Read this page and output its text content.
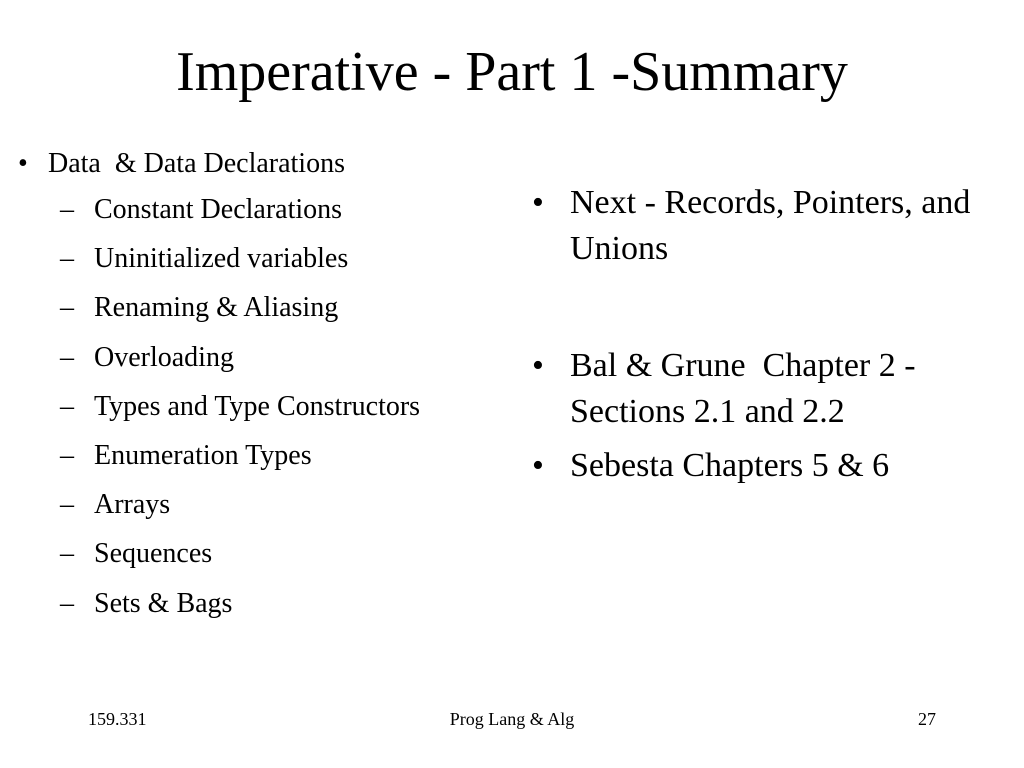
Imperative - Part 1 -Summary
• Data  & Data Declarations
– Constant Declarations
– Uninitialized variables
– Renaming & Aliasing
– Overloading
– Types and Type Constructors
– Enumeration Types
– Arrays
– Sequences
– Sets & Bags
• Next - Records, Pointers, and Unions
• Bal & Grune  Chapter 2 - Sections 2.1 and 2.2
• Sebesta Chapters 5 & 6
159.331	Prog Lang & Alg	27
